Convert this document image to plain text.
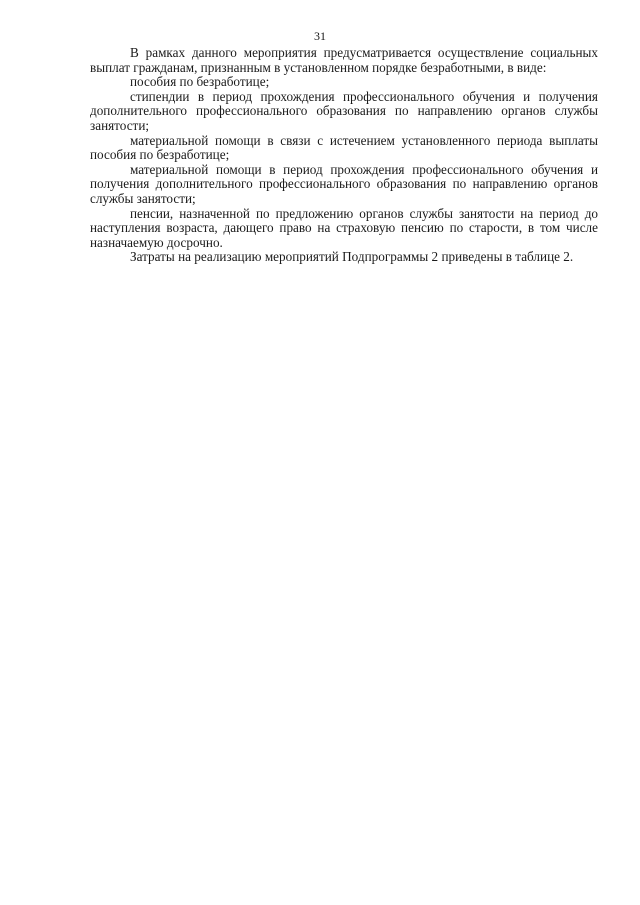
31

В рамках данного мероприятия предусматривается осуществление социальных выплат гражданам, признанным в установленном порядке безработными, в виде:

пособия по безработице;

стипендии в период прохождения профессионального обучения и получения дополнительного профессионального образования по направлению органов службы занятости;

материальной помощи в связи с истечением установленного периода выплаты пособия по безработице;

материальной помощи в период прохождения профессионального обучения и получения дополнительного профессионального образования по направлению органов службы занятости;

пенсии, назначенной по предложению органов службы занятости на период до наступления возраста, дающего право на страховую пенсию по старости, в том числе назначаемую досрочно.

Затраты на реализацию мероприятий Подпрограммы 2 приведены в таблице 2.
